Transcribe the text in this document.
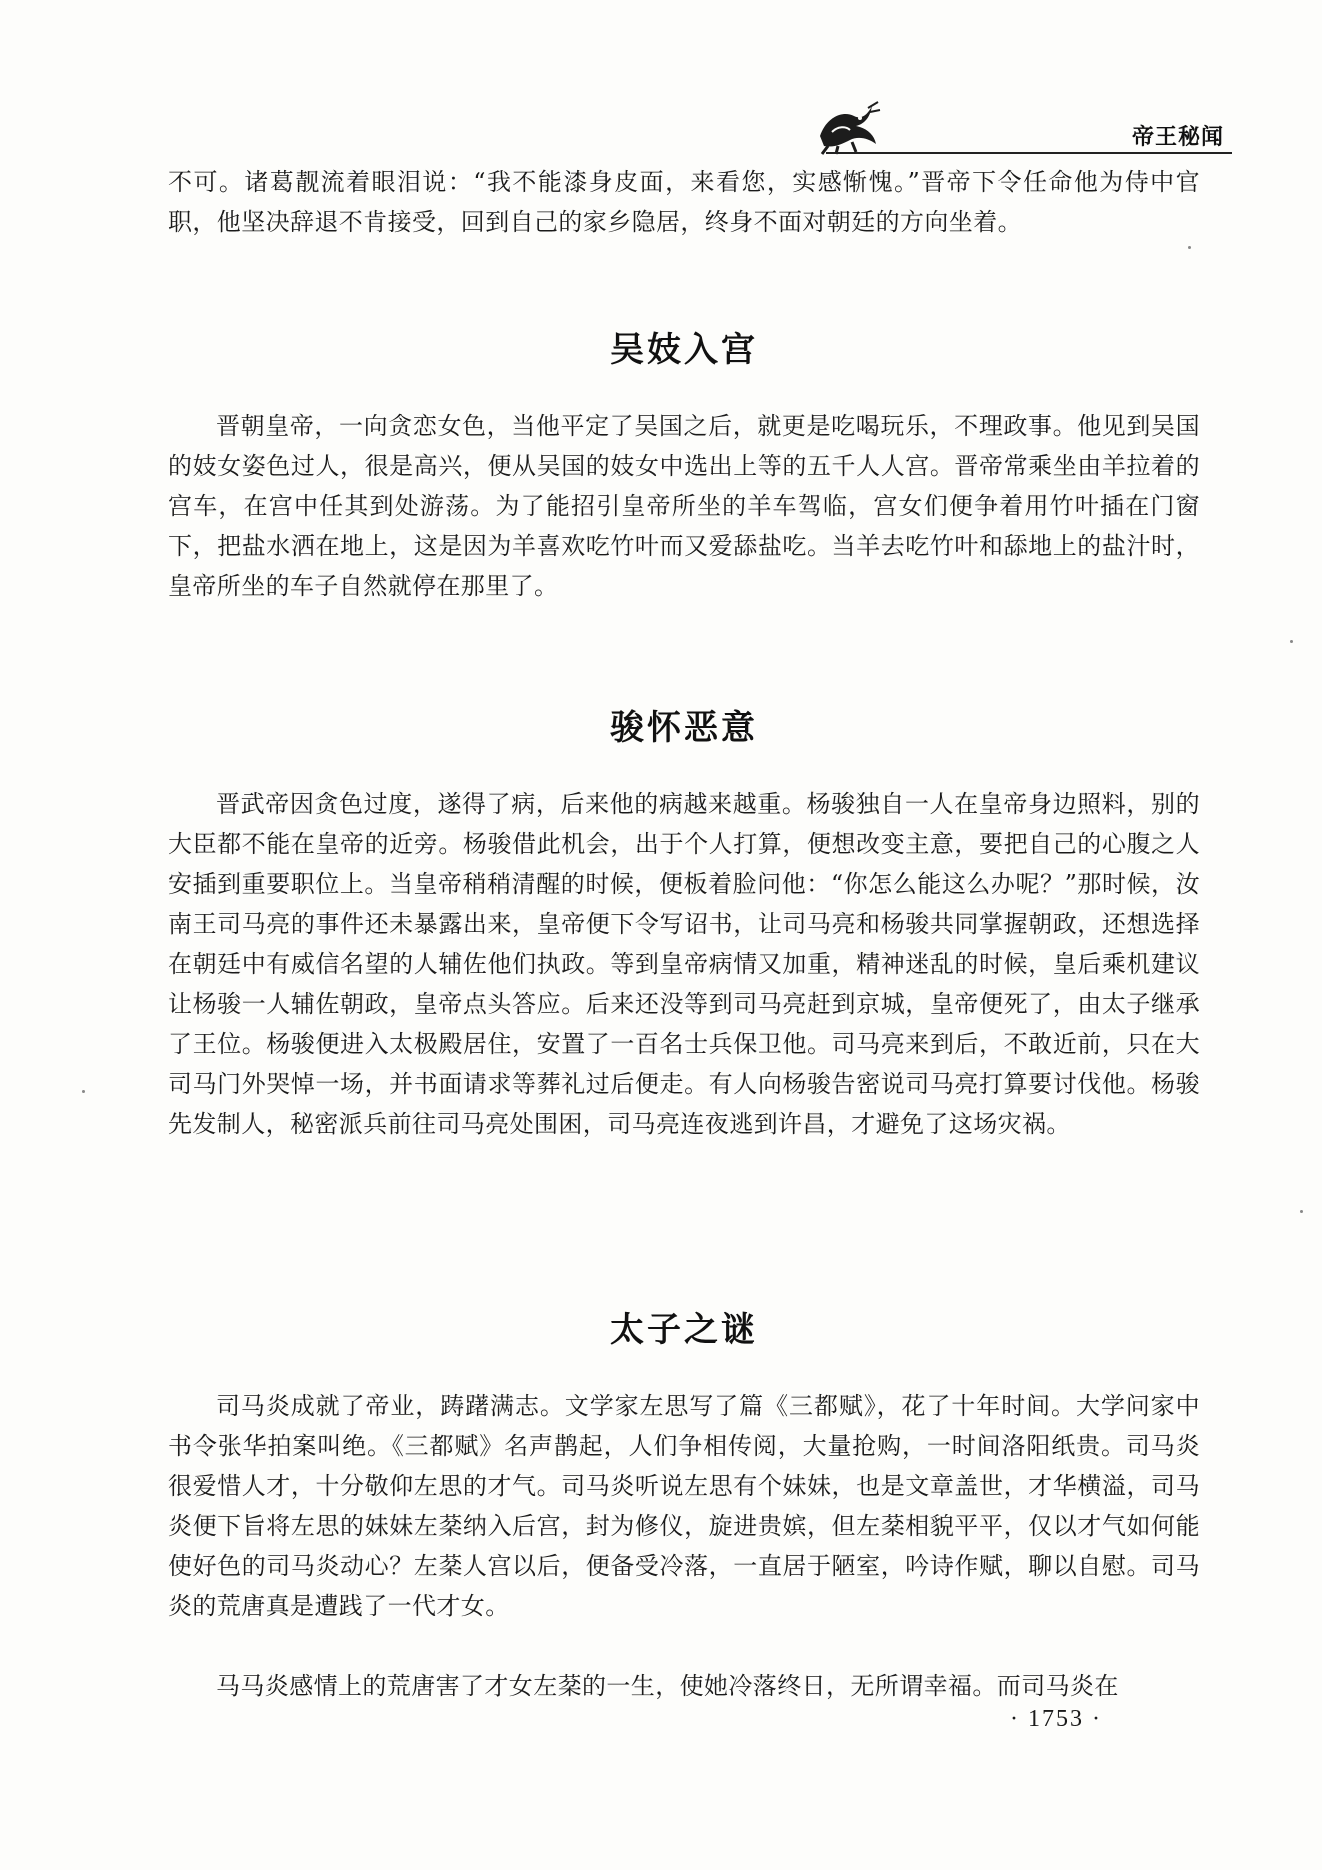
帝王秘闻
不可。诸葛靓流着眼泪说：“我不能漆身皮面，来看您，实感惭愧。”晋帝下令任命他为侍中官职，他坚决辞退不肯接受，回到自己的家乡隐居，终身不面对朝廷的方向坐着。
吴妓入宫
晋朝皇帝，一向贪恋女色，当他平定了吴国之后，就更是吃喝玩乐，不理政事。他见到吴国的妓女姿色过人，很是高兴，便从吴国的妓女中选出上等的五千人人宫。晋帝常乘坐由羊拉着的宫车，在宫中任其到处游荡。为了能招引皇帝所坐的羊车驾临，宫女们便争着用竹叶插在门窗下，把盐水洒在地上，这是因为羊喜欢吃竹叶而又爱舔盐吃。当羊去吃竹叶和舔地上的盐汁时，皇帝所坐的车子自然就停在那里了。
骏怀恶意
晋武帝因贪色过度，遂得了病，后来他的病越来越重。杨骏独自一人在皇帝身边照料，别的大臣都不能在皇帝的近旁。杨骏借此机会，出于个人打算，便想改变主意，要把自己的心腹之人安插到重要职位上。当皇帝稍稍清醒的时候，便板着脸问他：“你怎么能这么办呢？”那时候，汝南王司马亮的事件还未暴露出来，皇帝便下令写诏书，让司马亮和杨骏共同掌握朝政，还想选择在朝廷中有威信名望的人辅佐他们执政。等到皇帝病情又加重，精神迷乱的时候，皇后乘机建议让杨骏一人辅佐朝政，皇帝点头答应。后来还没等到司马亮赶到京城，皇帝便死了，由太子继承了王位。杨骏便进入太极殿居住，安置了一百名士兵保卫他。司马亮来到后，不敢近前，只在大司马门外哭悼一场，并书面请求等葬礼过后便走。有人向杨骏告密说司马亮打算要讨伐他。杨骏先发制人，秘密派兵前往司马亮处围困，司马亮连夜逃到许昌，才避免了这场灾祸。
太子之谜
司马炎成就了帝业，踌躇满志。文学家左思写了篇《三都赋》，花了十年时间。大学问家中书令张华拍案叫绝。《三都赋》名声鹊起，人们争相传阅，大量抢购，一时间洛阳纸贵。司马炎很爱惜人才，十分敬仰左思的才气。司马炎听说左思有个妹妹，也是文章盖世，才华横溢，司马炎便下旨将左思的妹妹左棻纳入后宫，封为修仪，旋进贵嫔，但左棻相貌平平，仅以才气如何能使好色的司马炎动心？左棻人宫以后，便备受冷落，一直居于陋室，吟诗作赋，聊以自慰。司马炎的荒唐真是遭践了一代才女。
马马炎感情上的荒唐害了才女左棻的一生，使她冷落终日，无所谓幸福。而司马炎在
· 1753 ·
